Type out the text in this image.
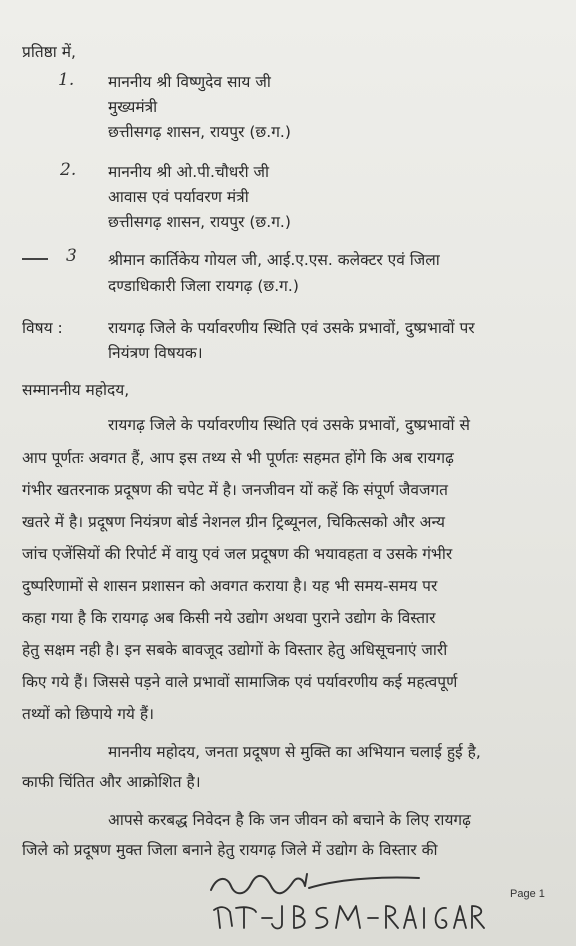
प्रतिष्ठा में,
1. माननीय श्री विष्णुदेव साय जी
मुख्यमंत्री
छत्तीसगढ़ शासन, रायपुर (छ.ग.)
2. माननीय श्री ओ.पी.चौधरी जी
आवास एवं पर्यावरण मंत्री
छत्तीसगढ़ शासन, रायपुर (छ.ग.)
3 श्रीमान कार्तिकेय गोयल जी, आई.ए.एस. कलेक्टर एवं जिला
दण्डाधिकारी जिला रायगढ़ (छ.ग.)
विषय :	रायगढ़ जिले के पर्यावरणीय स्थिति एवं उसके प्रभावों, दुष्प्रभावों पर
नियंत्रण विषयक।
सम्माननीय महोदय,
रायगढ़ जिले के पर्यावरणीय स्थिति एवं उसके प्रभावों, दुष्प्रभावों से
आप पूर्णतः अवगत हैं, आप इस तथ्य से भी पूर्णतः सहमत होंगे कि अब रायगढ़
गंभीर खतरनाक प्रदूषण की चपेट में है। जनजीवन यों कहें कि संपूर्ण जैवजगत
खतरे में है। प्रदूषण नियंत्रण बोर्ड नेशनल ग्रीन ट्रिब्यूनल, चिकित्सको और अन्य
जांच एजेंसियों की रिपोर्ट में वायु एवं जल प्रदूषण की भयावहता व उसके गंभीर
दुष्परिणामों से शासन प्रशासन को अवगत कराया है। यह भी समय-समय पर
कहा गया है कि रायगढ़ अब किसी नये उद्योग अथवा पुराने उद्योग के विस्तार
हेतु सक्षम नही है। इन सबके बावजूद उद्योगों के विस्तार हेतु अधिसूचनाएं जारी
किए गये हैं। जिससे पड़ने वाले प्रभावों सामाजिक एवं पर्यावरणीय कई महत्वपूर्ण
तथ्यों को छिपाये गये हैं।
माननीय महोदय, जनता प्रदूषण से मुक्ति का अभियान चलाई हुई है,
काफी चिंतित और आक्रोशित है।
आपसे करबद्ध निवेदन है कि जन जीवन को बचाने के लिए रायगढ़
जिले को प्रदूषण मुक्त जिला बनाने हेतु रायगढ़ जिले में उद्योग के विस्तार की
Page 1
